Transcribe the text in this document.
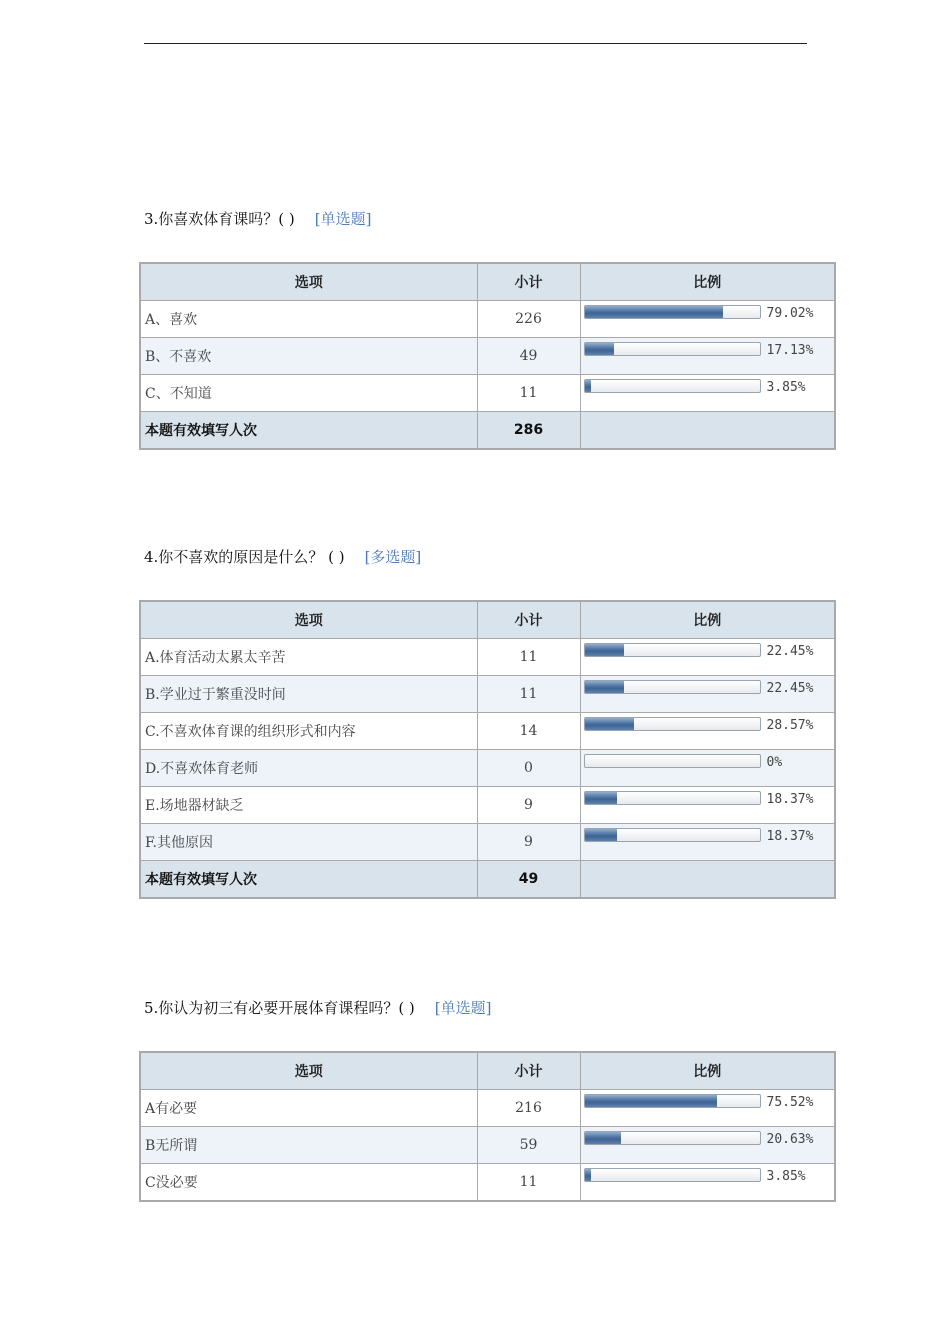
3.你喜欢体育课吗？( ) [单选题]
选项	小计	比例
A、喜欢	226	79.02%

B、不喜欢	49	17.13%

C、不知道	11	3.85%

本题有效填写人次	286	
4.你不喜欢的原因是什么？ ( ) [多选题]
选项	小计	比例
A.体育活动太累太辛苦	11	22.45%

B.学业过于繁重没时间	11	22.45%

C.不喜欢体育课的组织形式和内容	14	28.57%

D.不喜欢体育老师	0	0%

E.场地器材缺乏	9	18.37%

F.其他原因	9	18.37%

本题有效填写人次	49	
5.你认为初三有必要开展体育课程吗？( ) [单选题]
选项	小计	比例
A有必要	216	75.52%

B无所谓	59	20.63%

C没必要	11	3.85%
